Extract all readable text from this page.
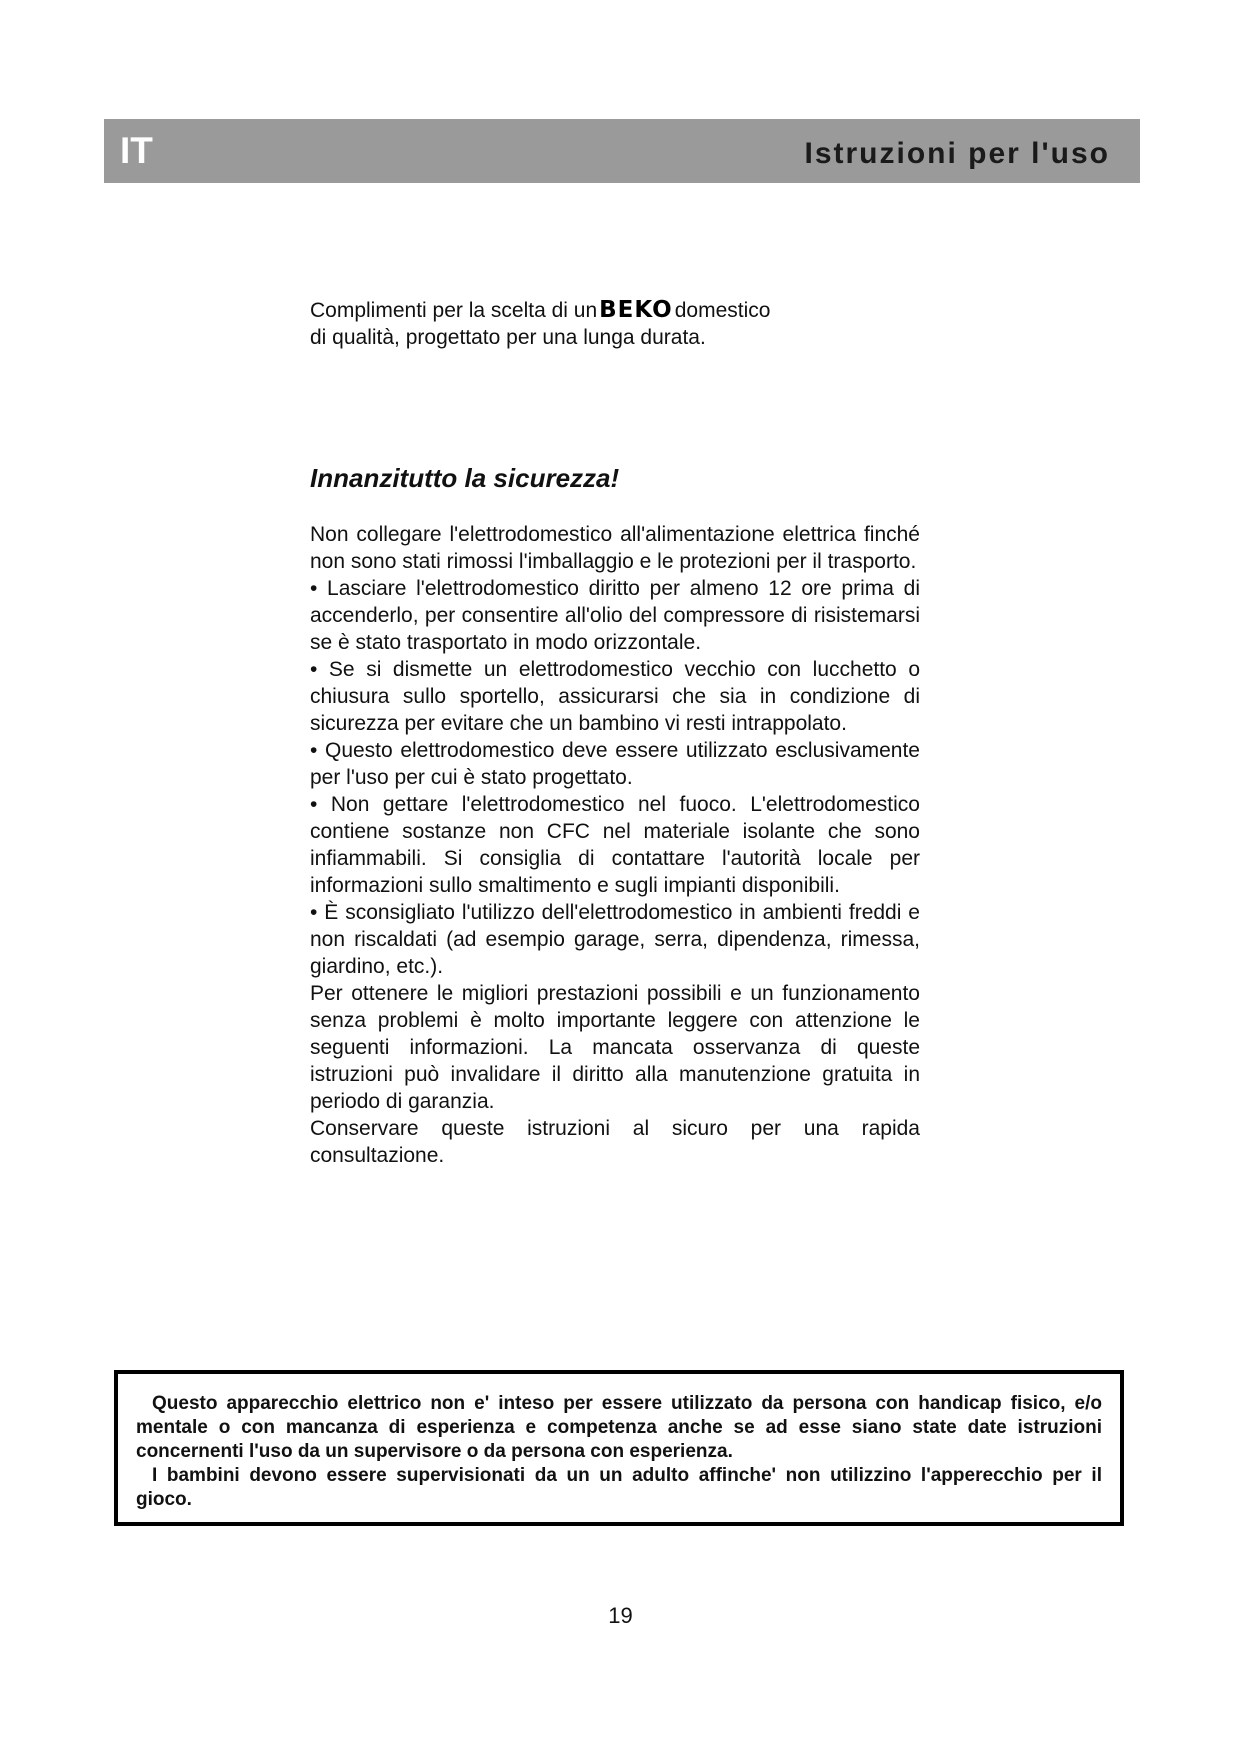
IT	Istruzioni per l'uso
Complimenti per la scelta di unBEKOdomestico
di qualità, progettato per una lunga durata.
Innanzitutto la sicurezza!

Non collegare l'elettrodomestico all'alimentazione elettrica finché non sono stati rimossi l'imballaggio e le protezioni per il trasporto.

• Lasciare l'elettrodomestico diritto per almeno 12 ore prima di accenderlo, per consentire all'olio del compressore di risistemarsi se è stato trasportato in modo orizzontale.

• Se si dismette un elettrodomestico vecchio con lucchetto o chiusura sullo sportello, assicurarsi che sia in condizione di sicurezza per evitare che un bambino vi resti intrappolato.

• Questo elettrodomestico deve essere utilizzato esclusivamente per l'uso per cui è stato progettato.

• Non gettare l'elettrodomestico nel fuoco. L'elettrodomestico contiene sostanze non CFC nel materiale isolante che sono infiammabili. Si consiglia di contattare l'autorità locale per informazioni sullo smaltimento e sugli impianti disponibili.

• È sconsigliato l'utilizzo dell'elettrodomestico in ambienti freddi e non riscaldati (ad esempio garage, serra, dipendenza, rimessa, giardino, etc.).

Per ottenere le migliori prestazioni possibili e un funzionamento senza problemi è molto importante leggere con attenzione le seguenti informazioni. La mancata osservanza di queste istruzioni può invalidare il diritto alla manutenzione gratuita in periodo di garanzia.

Conservare queste istruzioni al sicuro per una rapida consultazione.

Questo apparecchio elettrico non e' inteso per essere utilizzato da persona con handicap fisico, e/o mentale o con mancanza di esperienza e competenza anche se ad esse siano state date istruzioni concernenti l'uso da un supervisore o da persona con esperienza.

I bambini devono essere supervisionati da un un adulto affinche' non utilizzino l'apperecchio per il gioco.

19
